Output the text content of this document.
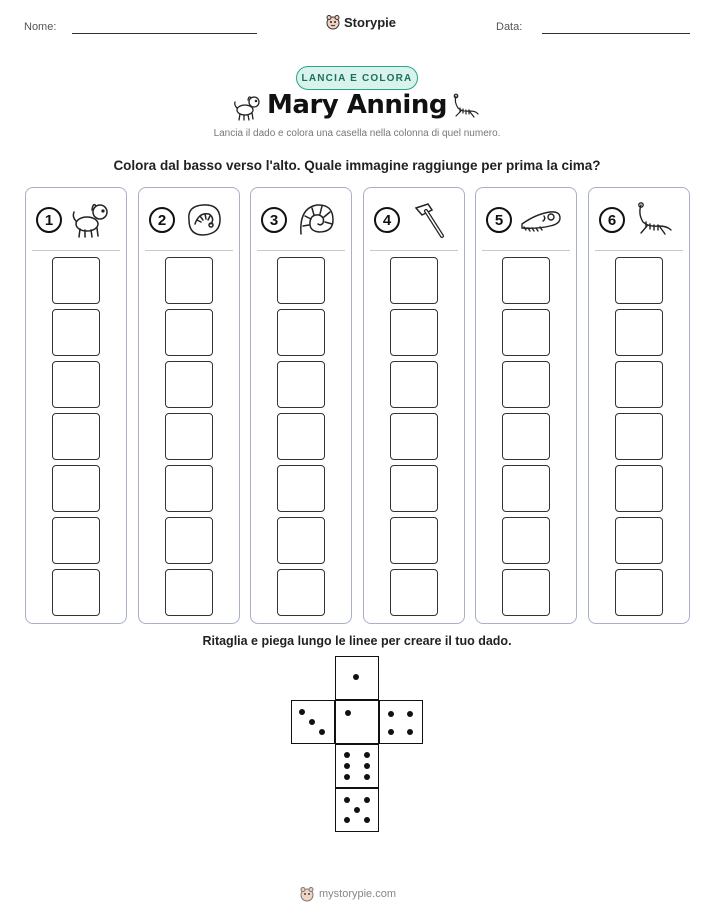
Nome:	Storypie	Data:
LANCIA E COLORA
Mary Anning
Lancia il dado e colora una casella nella colonna di quel numero.
Colora dal basso verso l'alto. Quale immagine raggiunge per prima la cima?
1	2	3	4	5	6
Ritaglia e piega lungo le linee per creare il tuo dado.
mystorypie.com
